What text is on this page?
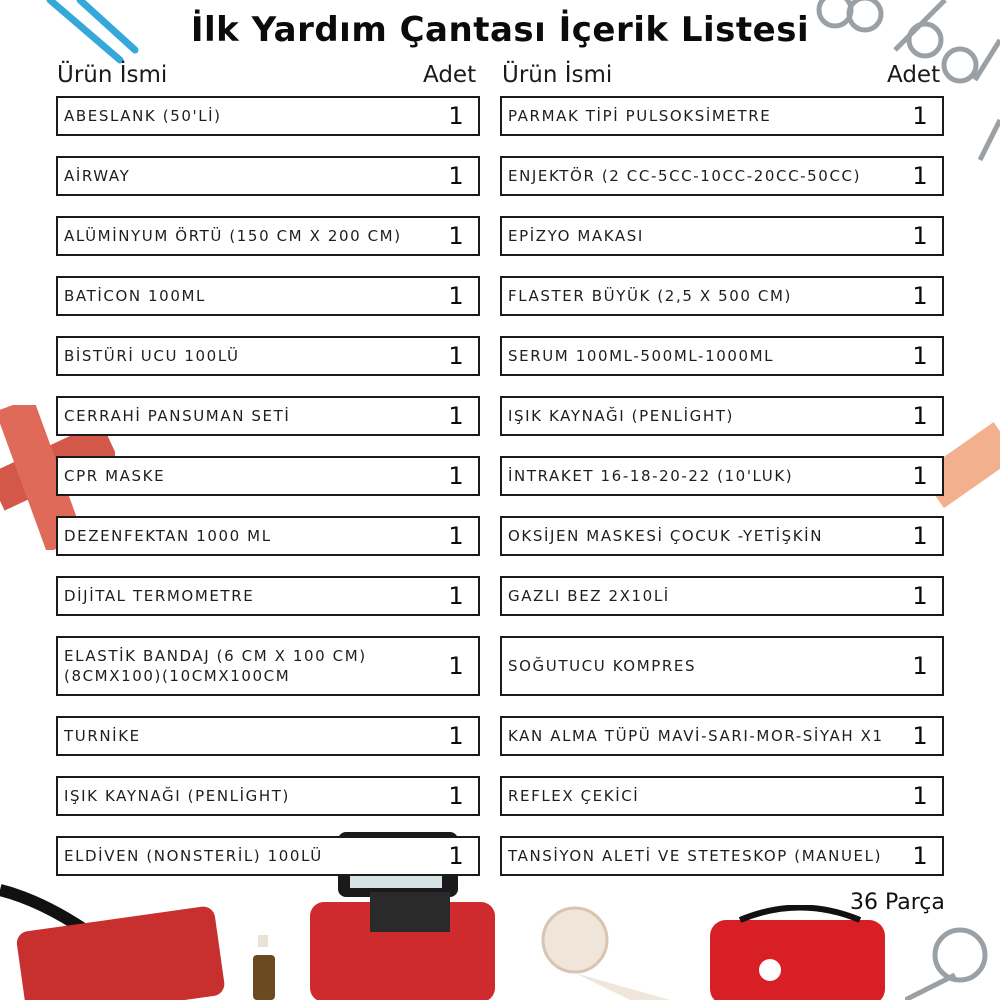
İlk Yardım Çantası İçerik Listesi
Ürün İsmi	Adet Ürün İsmi	Adet
ABESLANK (50'Lİ)	1
AİRWAY	1
ALÜMİNYUM ÖRTÜ (150 CM X 200 CM)	1
BATİCON 100ML	1
BİSTÜRİ UCU 100LÜ	1
CERRAHİ PANSUMAN SETİ	1
CPR MASKE	1
DEZENFEKTAN 1000 ML	1
DİJİTAL TERMOMETRE	1
ELASTİK BANDAJ (6 CM X 100 CM)(8CMX100)(10CMX100CM	1
TURNİKE	1
IŞIK KAYNAĞI (PENLİGHT)	1
ELDİVEN (NONSTERİL) 100LÜ	1
PARMAK TİPİ PULSOKSİMETRE	1
ENJEKTÖR (2 CC-5CC-10CC-20CC-50CC)	1
EPİZYO MAKASI	1
FLASTER BÜYÜK (2,5 X 500 CM)	1
SERUM 100ML-500ML-1000ML	1
IŞIK KAYNAĞI (PENLİGHT)	1
İNTRAKET 16-18-20-22 (10'LUK)	1
OKSİJEN MASKESİ ÇOCUK -YETİŞKİN	1
GAZLI BEZ 2X10Lİ	1
SOĞUTUCU KOMPRES	1
KAN ALMA TÜPÜ MAVİ-SARI-MOR-SİYAH X1	1
REFLEX ÇEKİCİ	1
TANSİYON ALETİ VE STETESKOP (MANUEL)	1
36 Parça
